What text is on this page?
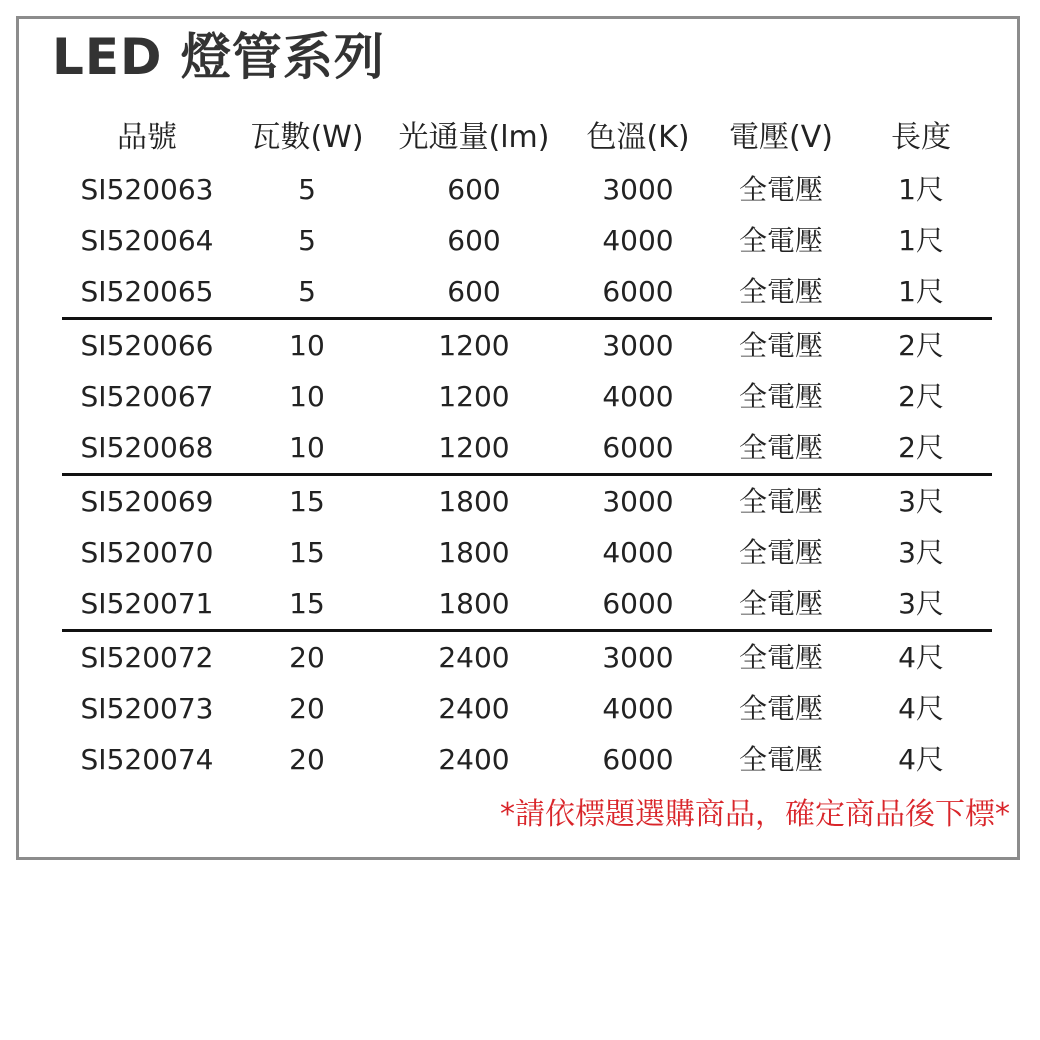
LED 燈管系列
品號	瓦數(W)	光通量(lm)	色溫(K)	電壓(V)	長度
SI520063	5	600	3000	全電壓	1尺
SI520064	5	600	4000	全電壓	1尺
SI520065	5	600	6000	全電壓	1尺
SI520066	10	1200	3000	全電壓	2尺
SI520067	10	1200	4000	全電壓	2尺
SI520068	10	1200	6000	全電壓	2尺
SI520069	15	1800	3000	全電壓	3尺
SI520070	15	1800	4000	全電壓	3尺
SI520071	15	1800	6000	全電壓	3尺
SI520072	20	2400	3000	全電壓	4尺
SI520073	20	2400	4000	全電壓	4尺
SI520074	20	2400	6000	全電壓	4尺
*請依標題選購商品，確定商品後下標*
